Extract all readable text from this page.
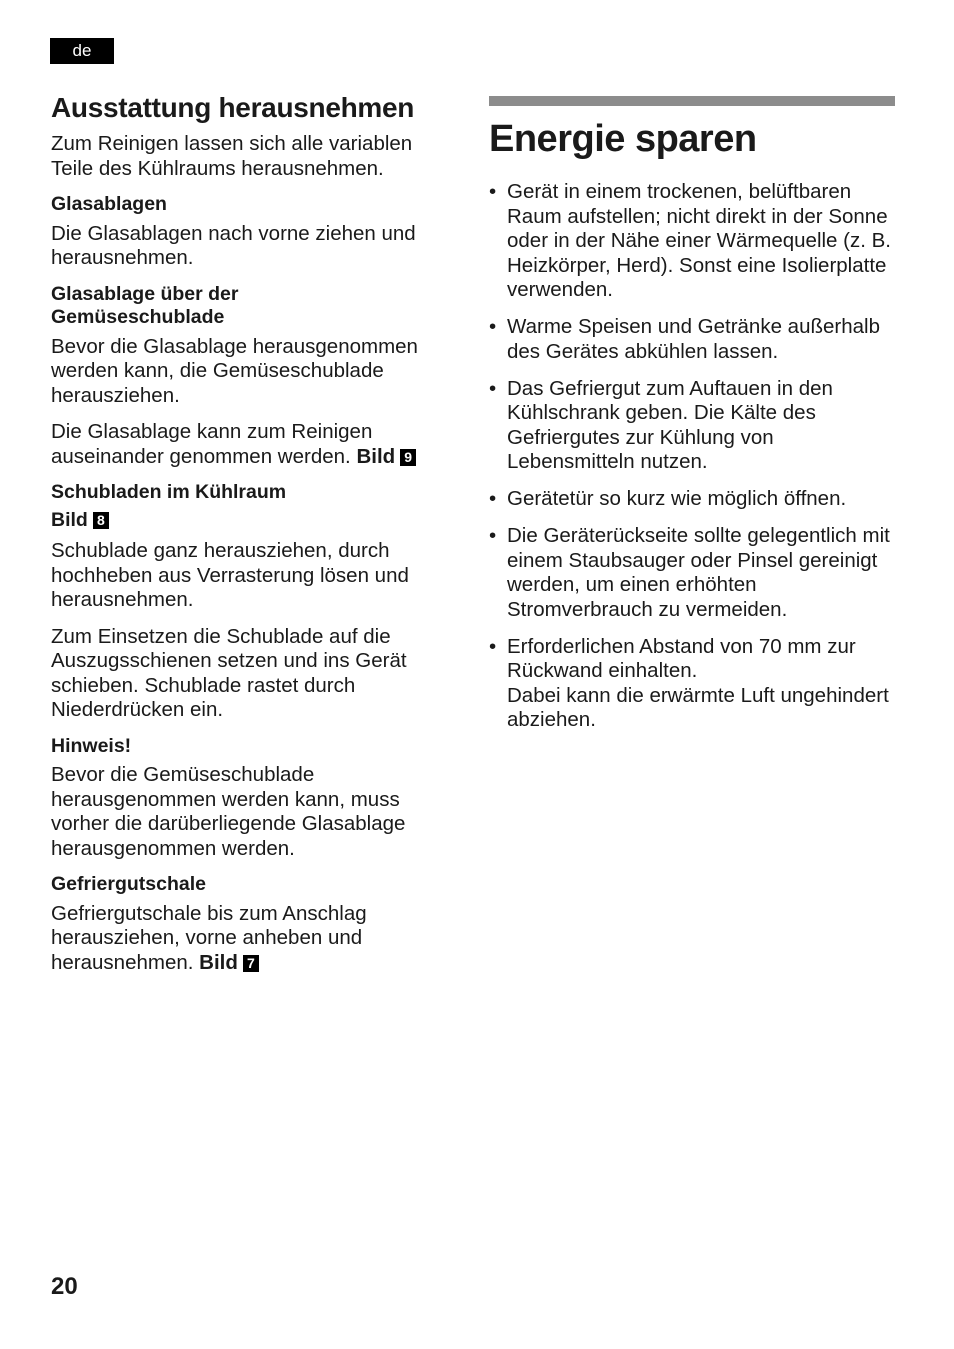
de
Ausstattung herausnehmen
Zum Reinigen lassen sich alle variablen Teile des Kühlraums herausnehmen.
Glasablagen
Die Glasablagen nach vorne ziehen und herausnehmen.
Glasablage über der Gemüseschublade
Bevor die Glasablage herausgenommen werden kann, die Gemüseschublade herausziehen.
Die Glasablage kann zum Reinigen auseinander genommen werden. Bild 9
Schubladen im Kühlraum
Bild 8
Schublade ganz herausziehen, durch hochheben aus Verrasterung lösen und herausnehmen.
Zum Einsetzen die Schublade auf die Auszugsschienen setzen und ins Gerät schieben. Schublade rastet durch Niederdrücken ein.
Hinweis!
Bevor die Gemüseschublade herausgenommen werden kann, muss vorher die darüberliegende Glasablage herausgenommen werden.
Gefriergutschale
Gefriergutschale bis zum Anschlag herausziehen, vorne anheben und herausnehmen. Bild 7
Energie sparen
• Gerät in einem trockenen, belüftbaren Raum aufstellen; nicht direkt in der Sonne oder in der Nähe einer Wärmequelle (z. B. Heizkörper, Herd). Sonst eine Isolierplatte verwenden.
• Warme Speisen und Getränke außerhalb des Gerätes abkühlen lassen.
• Das Gefriergut zum Auftauen in den Kühlschrank geben. Die Kälte des Gefriergutes zur Kühlung von Lebensmitteln nutzen.
• Gerätetür so kurz wie möglich öffnen.
• Die Geräterückseite sollte gelegentlich mit einem Staubsauger oder Pinsel gereinigt werden, um einen erhöhten Stromverbrauch zu vermeiden.
• Erforderlichen Abstand von 70 mm zur Rückwand einhalten.
Dabei kann die erwärmte Luft ungehindert abziehen.
20
